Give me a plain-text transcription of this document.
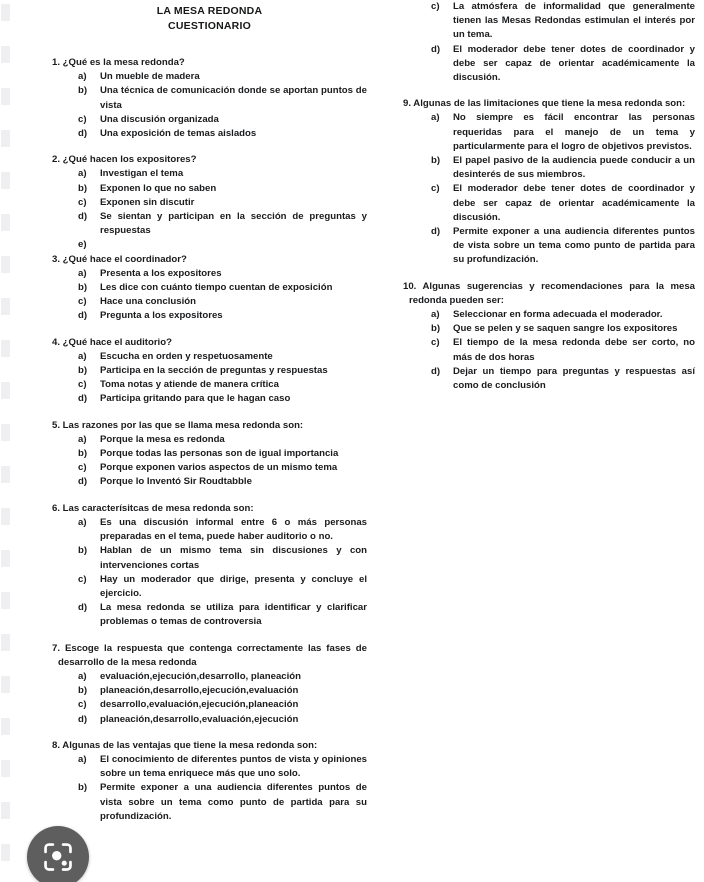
LA MESA REDONDA
CUESTIONARIO

1. ¿Qué es la mesa redonda?

a)	Un mueble de madera
b)	Una técnica de comunicación donde se aportan puntos de vista
c)	Una discusión organizada
d)	Una exposición de temas aislados

2. ¿Qué hacen los expositores?

a)	Investigan el tema
b)	Exponen lo que no saben
c)	Exponen sin discutir
d)	Se sientan y participan en la sección de preguntas y respuestas
e)

3. ¿Qué hace el coordinador?

a)	Presenta a los expositores
b)	Les dice con cuánto tiempo cuentan de exposición
c)	Hace una conclusión
d)	Pregunta a los expositores

4. ¿Qué hace el auditorio?

a)	Escucha en orden y respetuosamente
b)	Participa en la sección de preguntas y respuestas
c)	Toma notas y atiende de manera crítica
d)	Participa gritando para que le hagan caso

5. Las razones por las que se llama mesa redonda son:

a)	Porque la mesa es redonda
b)	Porque todas las personas son de igual importancia
c)	Porque exponen varios aspectos de un mismo tema
d)	Porque lo Inventó Sir Roudtabble

6. Las caracterísitcas de mesa redonda son:

a)	Es una discusión informal entre 6 o más personas preparadas en el tema, puede haber auditorio o no.
b)	Hablan de un mismo tema sin discusiones y con intervenciones cortas
c)	Hay un moderador que dirige, presenta y concluye el ejercicio.
d)	La mesa redonda se utiliza para identificar y clarificar problemas o temas de controversia

7. Escoge la respuesta que contenga correctamente las fases de desarrollo de la mesa redonda

a)	evaluación,ejecución,desarrollo, planeación
b)	planeación,desarrollo,ejecución,evaluación
c)	desarrollo,evaluación,ejecución,planeación
d)	planeación,desarrollo,evaluación,ejecución

8. Algunas de las ventajas que tiene la mesa redonda son:

a)	El conocimiento de diferentes puntos de vista y opiniones sobre un tema enriquece más que uno solo.
b)	Permite exponer a una audiencia diferentes puntos de vista sobre un tema como punto de partida para su profundización.
c)	La atmósfera de informalidad que generalmente tienen las Mesas Redondas estimulan el interés por un tema.
d)	El moderador debe tener dotes de coordinador y debe ser capaz de orientar académicamente la discusión.

9. Algunas de las limitaciones que tiene la mesa redonda son:

a)	No siempre es fácil encontrar las personas requeridas para el manejo de un tema y particularmente para el logro de objetivos previstos.
b)	El papel pasivo de la audiencia puede conducir a un desinterés de sus miembros.
c)	El moderador debe tener dotes de coordinador y debe ser capaz de orientar académicamente la discusión.
d)	Permite exponer a una audiencia diferentes puntos de vista sobre un tema como punto de partida para su profundización.

10. Algunas sugerencias y recomendaciones para la mesa redonda pueden ser:

a)	Seleccionar en forma adecuada el moderador.
b)	Que se pelen y se saquen sangre los expositores
c)	El tiempo de la mesa redonda debe ser corto, no más de dos horas
d)	Dejar un tiempo para preguntas y respuestas así como de conclusión
